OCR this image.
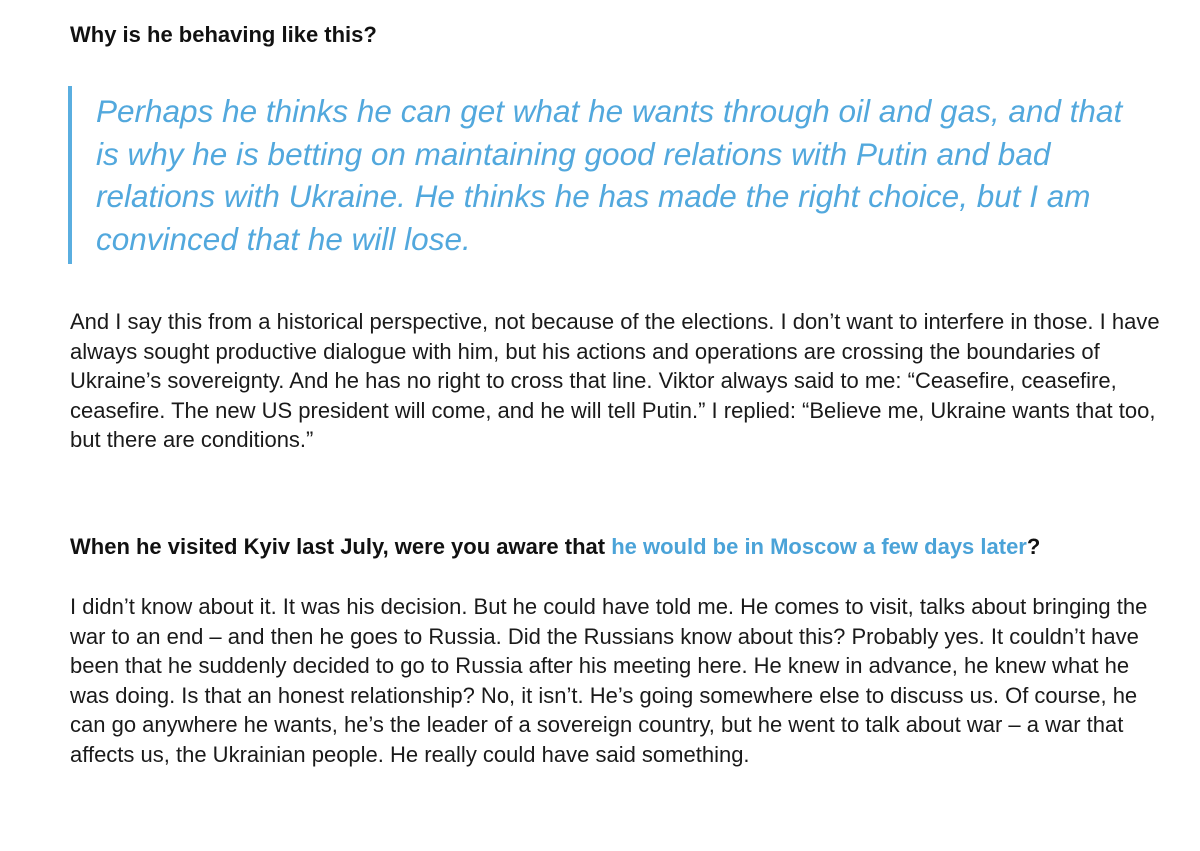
Why is he behaving like this?

Perhaps he thinks he can get what he wants through oil and gas, and that is why he is betting on maintaining good relations with Putin and bad relations with Ukraine. He thinks he has made the right choice, but I am convinced that he will lose.

And I say this from a historical perspective, not because of the elections. I don’t want to interfere in those. I have always sought productive dialogue with him, but his actions and operations are crossing the boundaries of Ukraine’s sovereignty. And he has no right to cross that line. Viktor always said to me: “Ceasefire, ceasefire, ceasefire. The new US president will come, and he will tell Putin.” I replied: “Believe me, Ukraine wants that too, but there are conditions.”

When he visited Kyiv last July, were you aware that he would be in Moscow a few days later?

I didn’t know about it. It was his decision. But he could have told me. He comes to visit, talks about bringing the war to an end – and then he goes to Russia. Did the Russians know about this? Probably yes. It couldn’t have been that he suddenly decided to go to Russia after his meeting here. He knew in advance, he knew what he was doing. Is that an honest relationship? No, it isn’t. He’s going somewhere else to discuss us. Of course, he can go anywhere he wants, he’s the leader of a sovereign country, but he went to talk about war – a war that affects us, the Ukrainian people. He really could have said something.
